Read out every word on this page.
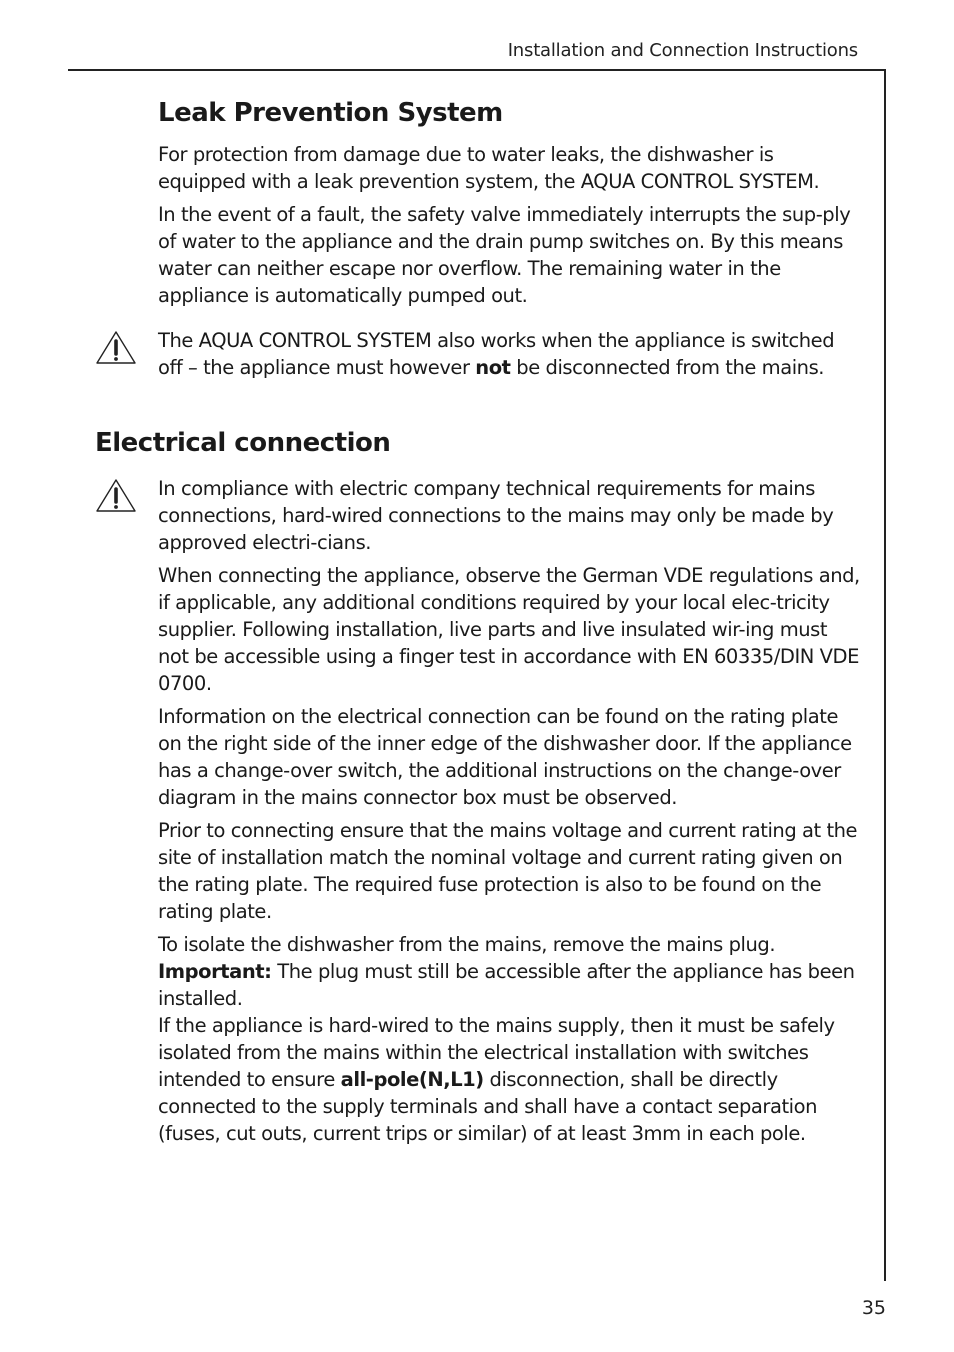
Installation and Connection Instructions
Leak Prevention System

For protection from damage due to water leaks, the dishwasher is equipped with a leak prevention system, the AQUA CONTROL SYSTEM.

In the event of a fault, the safety valve immediately interrupts the sup-ply of water to the appliance and the drain pump switches on. By this means water can neither escape nor overflow. The remaining water in the appliance is automatically pumped out.

The AQUA CONTROL SYSTEM also works when the appliance is switched off – the appliance must however not be disconnected from the mains.

Electrical connection

In compliance with electric company technical requirements for mains connections, hard-wired connections to the mains may only be made by approved electri-cians.

When connecting the appliance, observe the German VDE regulations and, if applicable, any additional conditions required by your local elec-tricity supplier. Following installation, live parts and live insulated wir-ing must not be accessible using a finger test in accordance with EN 60335/DIN VDE 0700.

Information on the electrical connection can be found on the rating plate on the right side of the inner edge of the dishwasher door. If the appliance has a change-over switch, the additional instructions on the change-over diagram in the mains connector box must be observed.

Prior to connecting ensure that the mains voltage and current rating at the site of installation match the nominal voltage and current rating given on the rating plate. The required fuse protection is also to be found on the rating plate.

To isolate the dishwasher from the mains, remove the mains plug.
Important: The plug must still be accessible after the appliance has been installed.

If the appliance is hard-wired to the mains supply, then it must be safely isolated from the mains within the electrical installation with switches intended to ensure all-pole(N,L1) disconnection, shall be directly connected to the supply terminals and shall have a contact separation (fuses, cut outs, current trips or similar) of at least 3mm in each pole.

35
